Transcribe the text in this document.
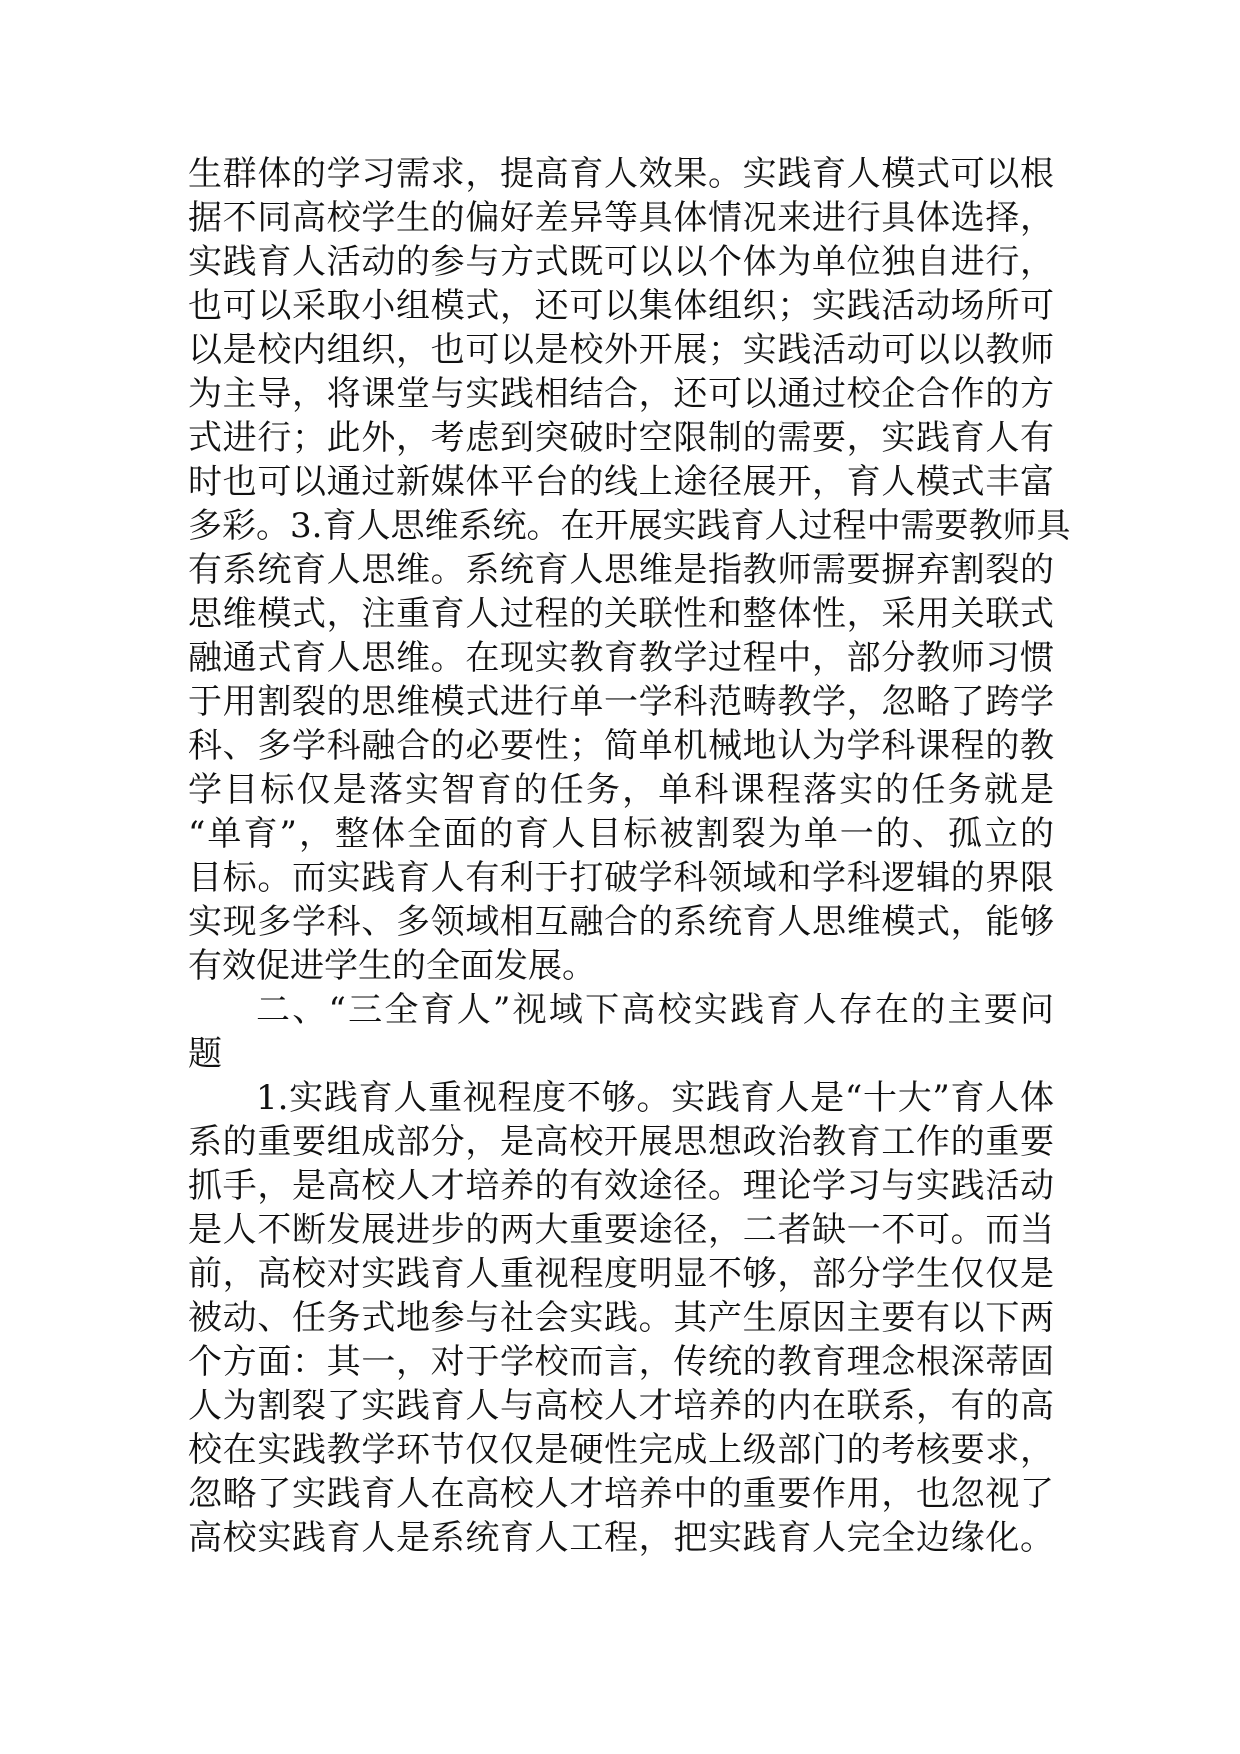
生群体的学习需求，提高育人效果。实践育人模式可以根
据不同高校学生的偏好差异等具体情况来进行具体选择，
实践育人活动的参与方式既可以以个体为单位独自进行，
也可以采取小组模式，还可以集体组织；实践活动场所可
以是校内组织，也可以是校外开展；实践活动可以以教师
为主导，将课堂与实践相结合，还可以通过校企合作的方
式进行；此外，考虑到突破时空限制的需要，实践育人有
时也可以通过新媒体平台的线上途径展开，育人模式丰富
多彩。3.育人思维系统。在开展实践育人过程中需要教师具
有系统育人思维。系统育人思维是指教师需要摒弃割裂的
思维模式，注重育人过程的关联性和整体性，采用关联式
融通式育人思维。在现实教育教学过程中，部分教师习惯
于用割裂的思维模式进行单一学科范畴教学，忽略了跨学
科、多学科融合的必要性；简单机械地认为学科课程的教
学目标仅是落实智育的任务，单科课程落实的任务就是
“单育”，整体全面的育人目标被割裂为单一的、孤立的
目标。而实践育人有利于打破学科领域和学科逻辑的界限
实现多学科、多领域相互融合的系统育人思维模式，能够
有效促进学生的全面发展。
二、“三全育人”视域下高校实践育人存在的主要问
题
1.实践育人重视程度不够。实践育人是“十大”育人体
系的重要组成部分，是高校开展思想政治教育工作的重要
抓手，是高校人才培养的有效途径。理论学习与实践活动
是人不断发展进步的两大重要途径，二者缺一不可。而当
前，高校对实践育人重视程度明显不够，部分学生仅仅是
被动、任务式地参与社会实践。其产生原因主要有以下两
个方面：其一，对于学校而言，传统的教育理念根深蒂固
人为割裂了实践育人与高校人才培养的内在联系，有的高
校在实践教学环节仅仅是硬性完成上级部门的考核要求，
忽略了实践育人在高校人才培养中的重要作用，也忽视了
高校实践育人是系统育人工程，把实践育人完全边缘化。
